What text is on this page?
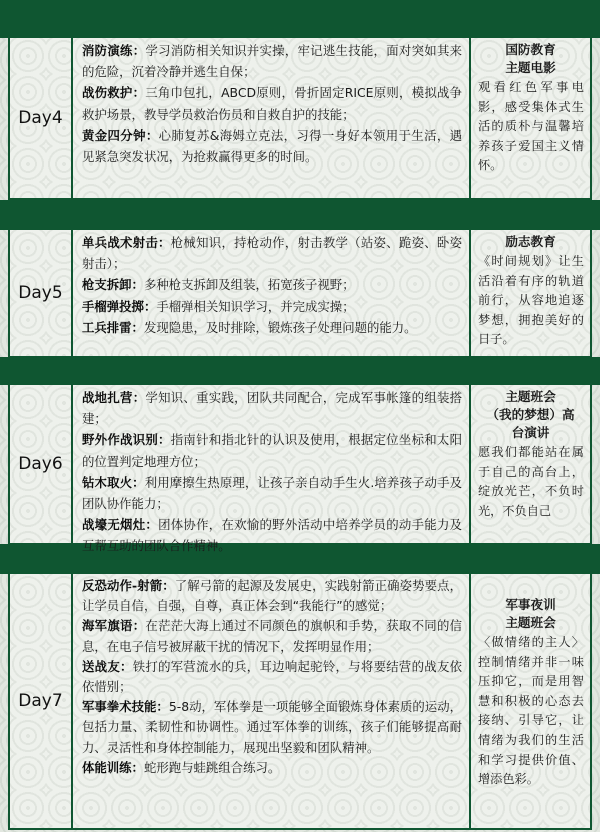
Day4
消防演练：学习消防相关知识并实操，牢记逃生技能，面对突如其来的危险，沉着冷静并逃生自保；
战伤救护：三角巾包扎，ABCD原则，骨折固定RICE原则，模拟战争救护场景，教导学员救治伤员和自救自护的技能；
黄金四分钟：心肺复苏&海姆立克法，习得一身好本领用于生活，遇见紧急突发状况，为抢救赢得更多的时间。
国防教育
主题电影
观看红色军事电影，感受集体式生活的质朴与温馨培养孩子爱国主义情怀。
Day5
单兵战术射击：枪械知识，持枪动作，射击教学（站姿、跪姿、卧姿射击）；
枪支拆卸：多种枪支拆卸及组装，拓宽孩子视野；
手榴弹投掷：手榴弹相关知识学习，并完成实操；
工兵排雷：发现隐患，及时排除，锻炼孩子处理问题的能力。
励志教育
《时间规划》让生活沿着有序的轨道前行，从容地追逐梦想，拥抱美好的日子。
Day6
战地扎营：学知识、重实践，团队共同配合，完成军事帐篷的组装搭建；
野外作战识别：指南针和指北针的认识及使用，根据定位坐标和太阳的位置判定地理方位；
钻木取火：利用摩擦生热原理，让孩子亲自动手生火.培养孩子动手及团队协作能力；
战壕无烟灶：团体协作，在欢愉的野外活动中培养学员的动手能力及互帮互助的团队合作精神。
主题班会
（我的梦想）高
台演讲
愿我们都能站在属于自己的高台上，绽放光芒，不负时光，不负自己
Day7
反恐动作-射箭：了解弓箭的起源及发展史，实践射箭正确姿势要点，让学员自信，自强，自尊，真正体会到“我能行”的感觉；
海军旗语：在茫茫大海上通过不同颜色的旗帜和手势，获取不同的信息，在电子信号被屏蔽干扰的情况下，发挥明显作用；
送战友：铁打的军营流水的兵，耳边响起驼铃，与将要结营的战友依依惜别；
军事拳术技能：5-8动，军体拳是一项能够全面锻炼身体素质的运动，包括力量、柔韧性和协调性。通过军体拳的训练，孩子们能够提高耐力、灵活性和身体控制能力，展现出坚毅和团队精神。
体能训练：蛇形跑与蛙跳组合练习。
军事夜训
主题班会
〈做情绪的主人〉控制情绪并非一味压抑它，而是用智慧和积极的心态去接纳、引导它，让情绪为我们的生活和学习提供价值、增添色彩。
